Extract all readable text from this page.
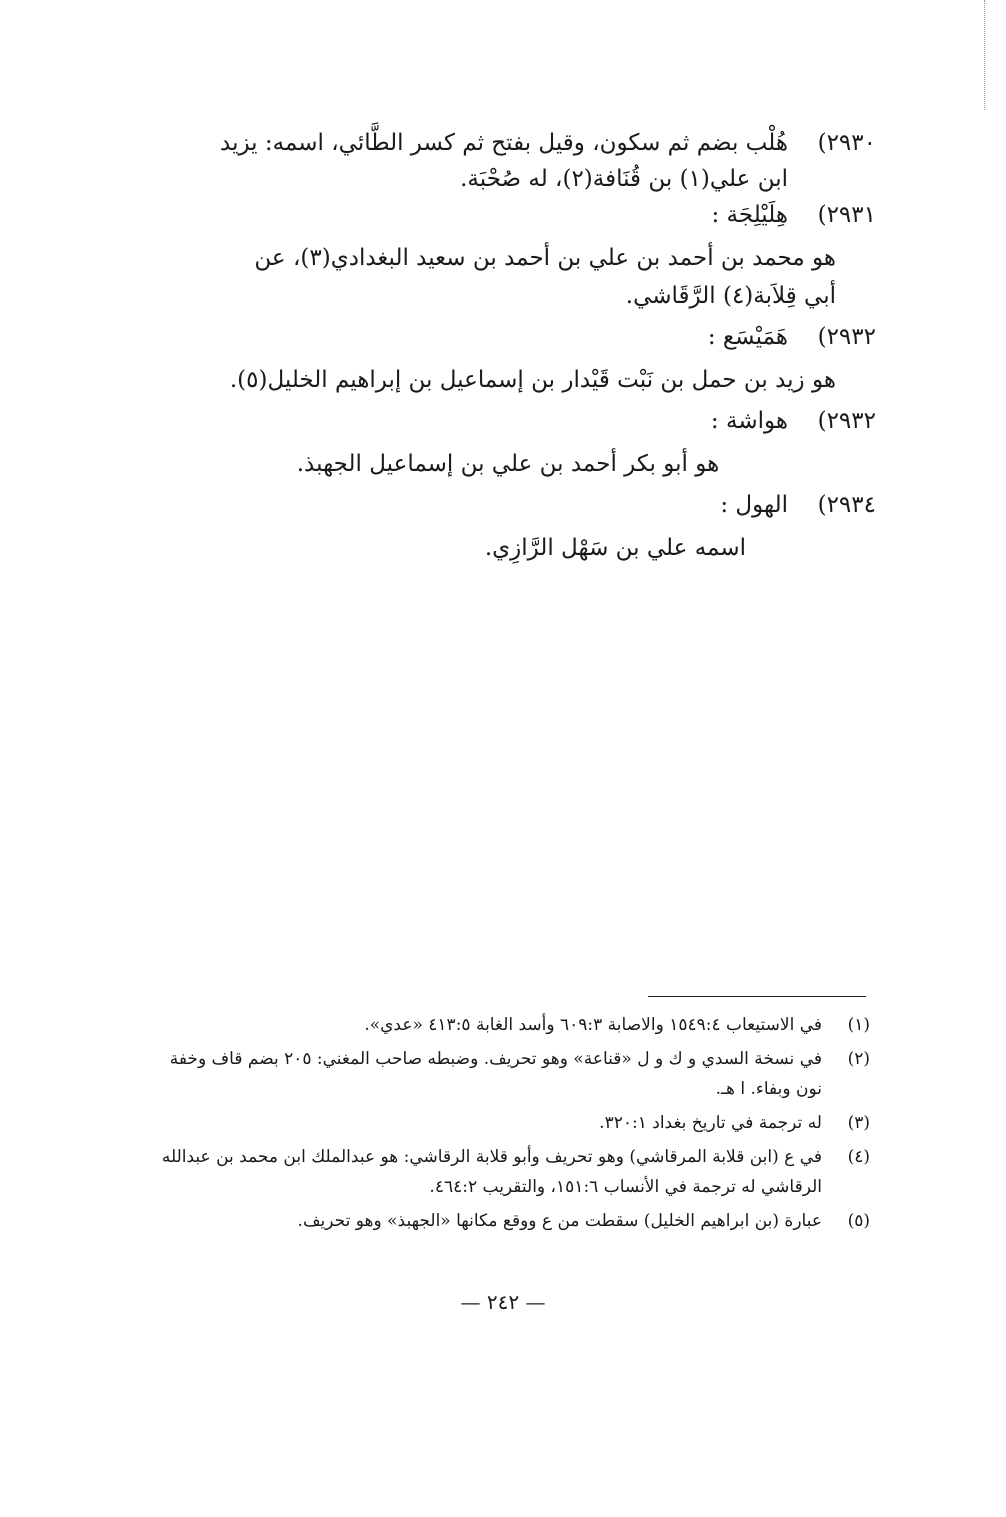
٢٩٣٠)هُلْب بضم ثم سكون، وقيل بفتح ثم كسر الطَّائي، اسمه: يزيد

ابن علي(١) بن قُنَافة(٢)، له صُحْبَة.

٢٩٣١)هِلَيْلِجَة :

هو محمد بن أحمد بن علي بن أحمد بن سعيد البغدادي(٣)، عن
أبي قِلاَبة(٤) الرَّقَاشي.

٢٩٣٢)هَمَيْسَع :

هو زيد بن حمل بن نَبْت قَيْدار بن إسماعيل بن إبراهيم الخليل(٥).

٢٩٣٢)هواشة :

هو أبو بكر أحمد بن علي بن إسماعيل الجهبذ.

٢٩٣٤)الهول :

اسمه علي بن سَهْل الرَّازِي.

(١)
في الاستيعاب ١٥٤٩:٤ والاصابة ٦٠٩:٣ وأسد الغابة ٤١٣:٥ «عدي».

(٢)
في نسخة السدي و ك و ل «قناعة» وهو تحريف. وضبطه صاحب المغني: ٢٠٥ بضم قاف وخفة نون وبفاء. ا هـ.

(٣)
له ترجمة في تاريخ بغداد ٣٢٠:١.

(٤)
في ع (ابن قلابة المرقاشي) وهو تحريف وأبو قلابة الرقاشي: هو عبدالملك ابن محمد بن عبدالله الرقاشي له ترجمة في الأنساب ١٥١:٦، والتقريب ٤٦٤:٢.

(٥)
عبارة (بن ابراهيم الخليل) سقطت من ع ووقع مكانها «الجهبذ» وهو تحريف.

— ٢٤٢ —
